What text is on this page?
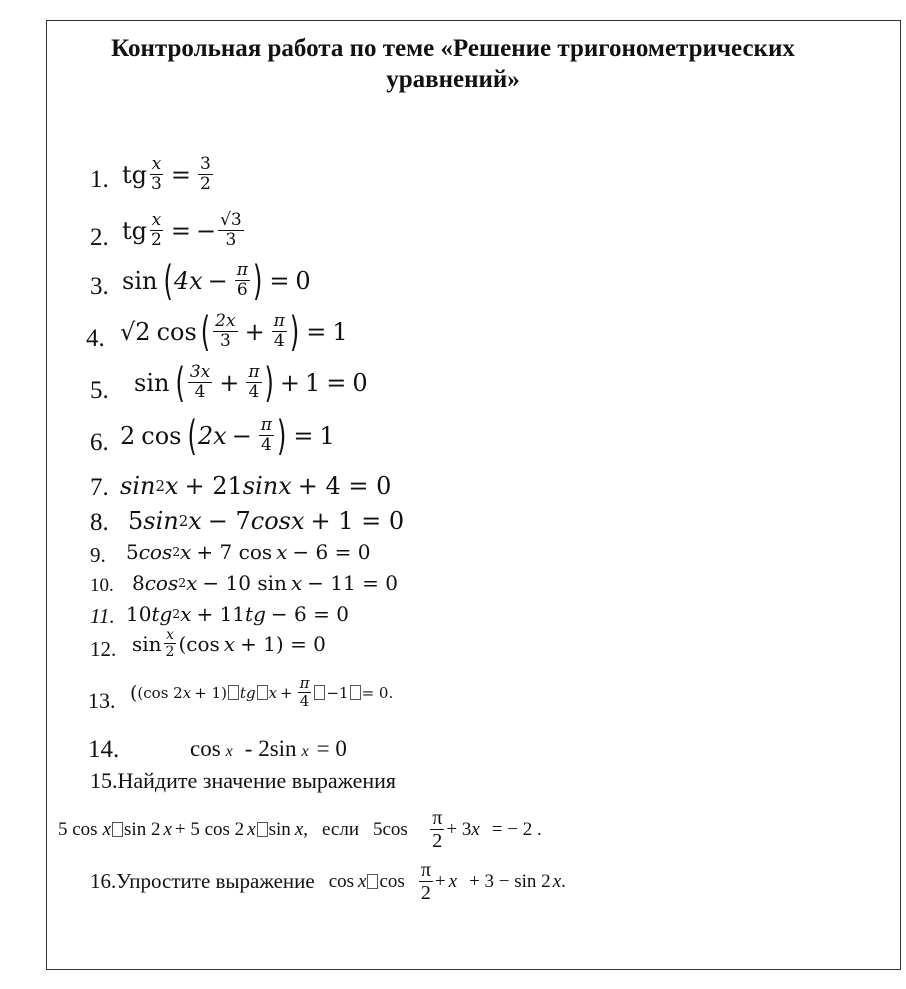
Контрольная работа по теме «Решение тригонометрических
уравнений»
1. tg $\frac{x}{3} = \frac{3}{2}$
2. tg $\frac{x}{2}$ = − $\frac{√3}{3}$
3. sin ( $4x - \frac{\pi}{6}$ ) = 0
4. √2 cos ( $\frac{2x}{3} + \frac{\pi}{4}$ ) = 1
5. sin ( $\frac{3x}{4} + \frac{\pi}{4}$ ) + 1 = 0
6. 2 cos ( $2x - \frac{\pi}{4}$ ) = 1
7. sin 2 x + 21 sinx + 4 = 0
8. 5 sin 2 x − 7 cosx + 1 = 0
9. 5 cos 2 x + 7 cos x − 6 = 0
10. 8 cos 2 x − 10 sin x − 11 = 0
11. 10 tg 2 x + 11 tg − 6 = 0
12. $\sin \frac{x}{2} (\cos$ x + 1) = 0
13. ( (cos 2 x + 1) tg $x + \frac{\pi}{4} -1 = 0$.
14.	cos x - 2sin x = 0
15.Найдите значение выражения
5 cos x sin 2 x + 5 cos 2 x sin x , если 5cos ( $\frac{\pi}{2} + 3$ x = − 2 .
16. Упростите выражение cos x $\cos \frac{\pi}{2} + x + 3 - \sin 2$ x .
